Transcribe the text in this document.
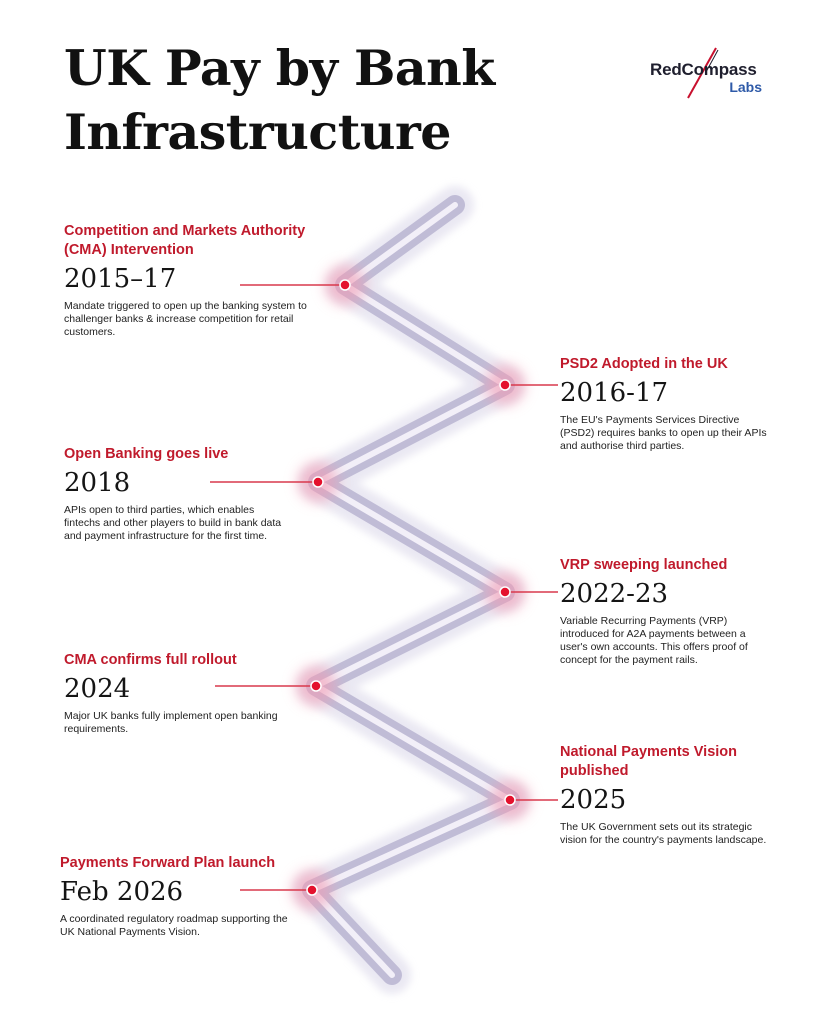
UK Pay by Bank Infrastructure
RedCompass
Labs

Competition and Markets Authority (CMA) Intervention

2015–17

Mandate triggered to open up the banking system to challenger banks & increase competition for retail customers.

PSD2 Adopted in the UK

2016-17

The EU's Payments Services Directive (PSD2) requires banks to open up their APIs and authorise third parties.

Open Banking goes live

2018

APIs open to third parties, which enables fintechs and other players to build in bank data and payment infrastructure for the first time.

VRP sweeping launched

2022-23

Variable Recurring Payments (VRP) introduced for A2A payments between a user's own accounts. This offers proof of concept for the payment rails.

CMA confirms full rollout

2024

Major UK banks fully implement open banking requirements.

National Payments Vision published

2025

The UK Government sets out its strategic vision for the country's payments landscape.

Payments Forward Plan launch

Feb 2026

A coordinated regulatory roadmap supporting the UK National Payments Vision.
